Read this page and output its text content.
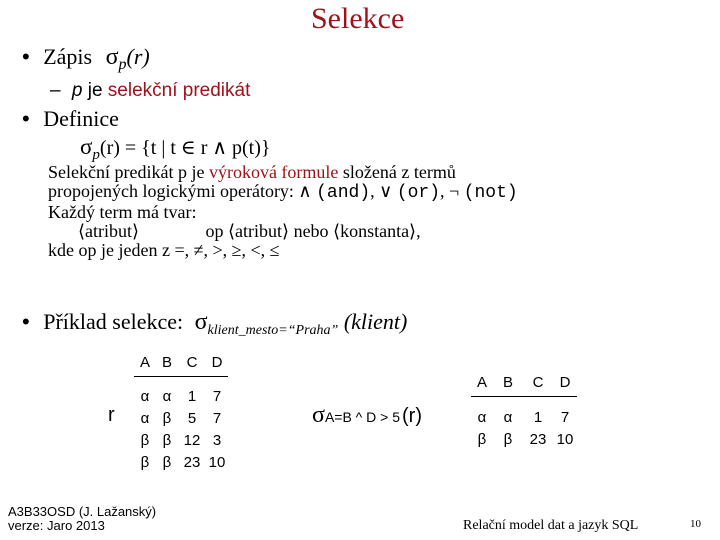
Selekce
• Zápis $\sigma_p(r)$
– p je selekční predikát
• Definice
$\sigma_p(r) = \{t$ | t ∈ r ∧ p(t)}
Selekční predikát p je výroková formule složená z termů
propojených logickými operátory: ∧ (and), ∨ (or), ¬ (not)
Každý term má tvar:
⟨atribut⟩	op ⟨atribut⟩ nebo ⟨konstanta⟩,
kde op je jeden z =, ≠, >, ≥, <, ≤
• Příklad selekce: $\sigma_{klient\_mesto=“Praha”}$ (klient)
r
A	B	C	D

α	α	1	7
α	β	5	7
β	β	12	3
β	β	23	10
σA=B ^ D > 5 (r)
A	B	C	D

α	α	1	7
β	β	23	10
A3B33OSD (J. Lažanský)
verze: Jaro 2013	Relační model dat a jazyk SQL	10
